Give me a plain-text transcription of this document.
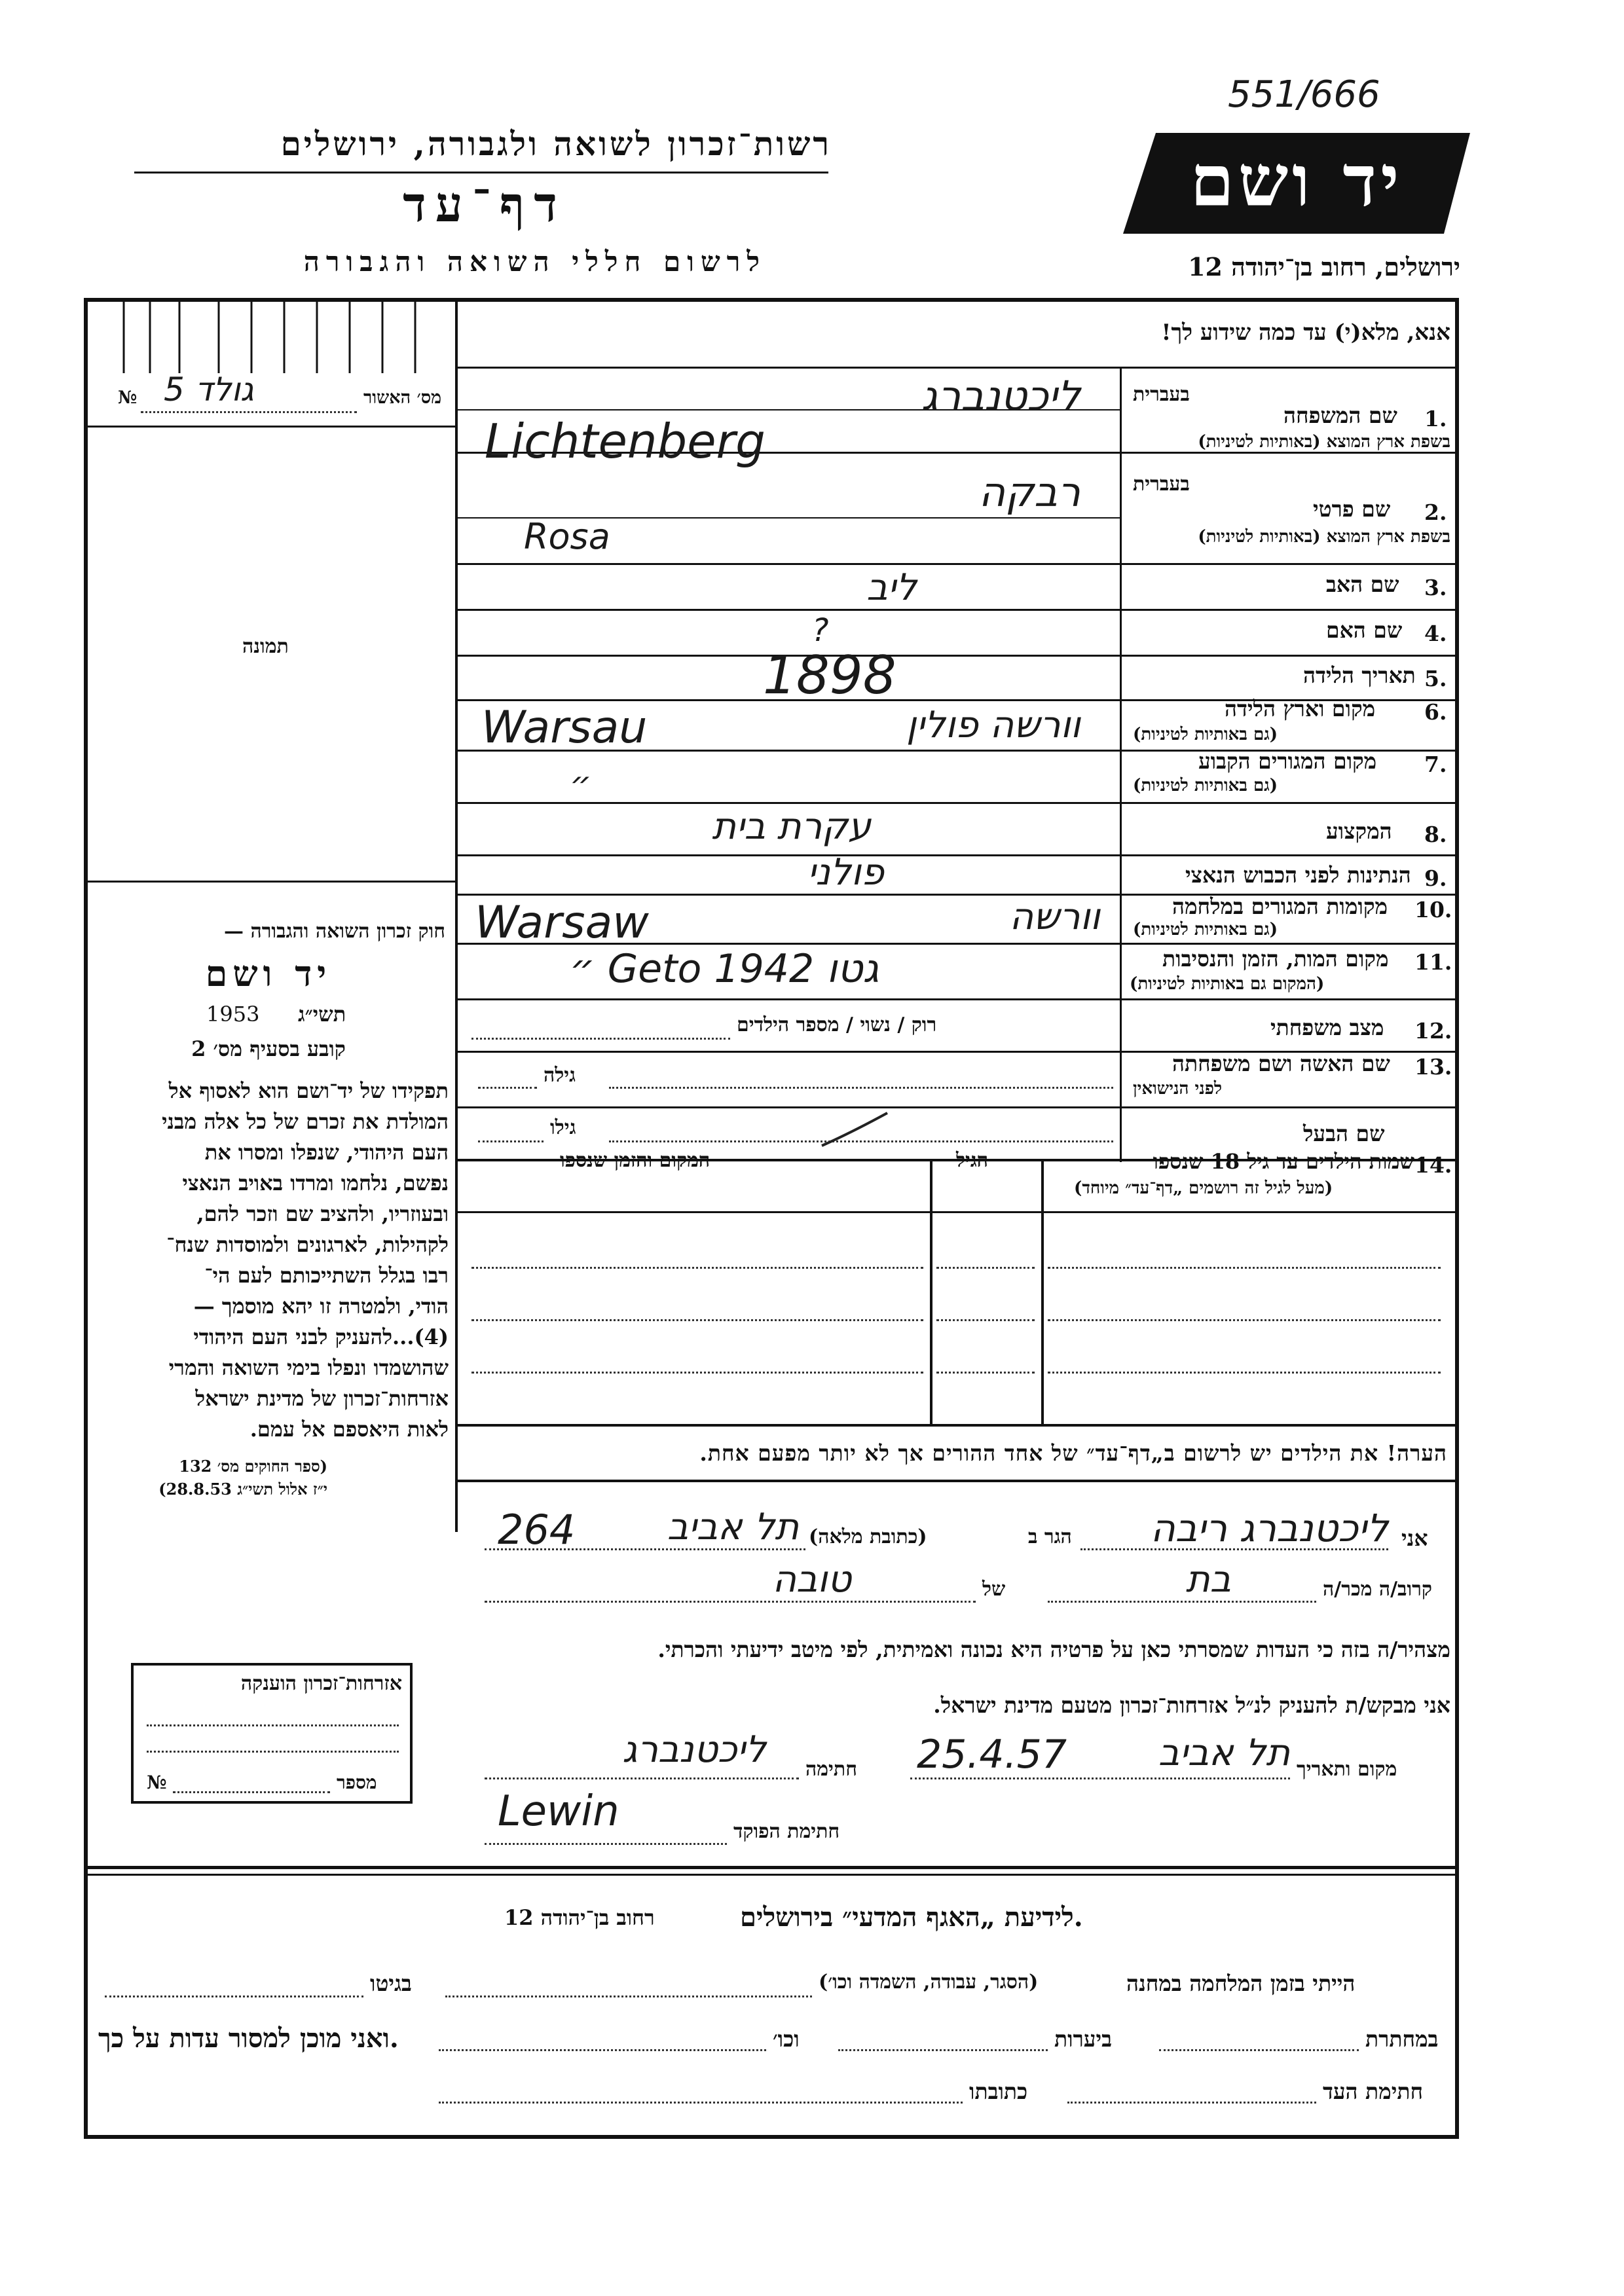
551/666
רשות־זכרון לשואה ולגבורה, ירושלים
דף־עד
לרשום חללי השואה והגבורה
יד ושם
ירושלים, רחוב בן־יהודה 12
מס׳ האשור
№ גולד 5
תמונה
חוק זכרון השואה והגבורה —
יד ושם
תשי״ג
1953
קובע בסעיף מס׳ 2
תפקידו של יד־ושם הוא לאסוף אל
המולדת את זכרם של כל אלה מבני
העם היהודי, שנפלו ומסרו את
נפשם, נלחמו ומרדו באויב הנאצי
ובעוזריו, ולהציב שם וזכר להם,
לקהילות, לארגונים ולמוסדות שנח־
רבו בגלל השתייכותם לעם הי־
הודי, ולמטרה זו יהא מוסמך —
(4)...להעניק לבני העם היהודי
שהושמדו ונפלו בימי השואה והמרי
אזרחות־זכרון של מדינת ישראל
לאות היאספם אל עמם.
(ספר החוקים מס׳ 132
י״ז אלול תשי״ג 28.8.53)
אזרחות־זכרון הוענקה
מספר
№
אנא, מלא(י) עד כמה שידוע לך!
1.
שם המשפחה
בשפת ארץ המוצא (באותיות לטיניות)
בעברית
ליכטנברג
Lichtenberg
2.
שם פרטי
בשפת ארץ המוצא (באותיות לטיניות)
בעברית
רבקה
Rosa
3.
שם האב
ליב
4.
שם האם
?
5.
תאריך הלידה
1898
6.
מקום וארץ הלידה
(גם באותיות לטיניות)
וורשה פולין
Warsau
7.
מקום המגורים הקבוע
(גם באותיות לטיניות)
״
8.
המקצוע
עקרת בית
9.
הנתינות לפני הכבוש הנאצי
פולני
10.
מקומות המגורים במלחמה
(גם באותיות לטיניות)
וורשה
Warsaw
11.
מקום המות, הזמן והנסיבות
(המקום גם באותיות לטיניות)
״ Geto 1942 גטו
12.
מצב משפחתי
רוק / נשוי / מספר הילדים
13.
שם האשה ושם משפחתה
לפני הנישואין
גילה
שם הבעל
גילו
14.
שמות הילדים עד גיל 18 שנספו
(מעל לגיל זה רושמים „דף־עד״ מיוחד)
הגיל
המקום והזמן שנספו
הערה! את הילדים יש לרשום ב„דף־עד״ של אחד ההורים אך לא יותר מפעם אחת.
אני
ליכטנברג ריבה
הגר ב
(כתובת מלאה)
264	תל אביב
קרוב/ה מכר/ה
בת
של
טובה
מצהיר/ה בזה כי העדות שמסרתי כאן על פרטיה היא נכונה ואמיתית, לפי מיטב ידיעתי והכרתי.
אני מבקש/ת להעניק לנ״ל אזרחות־זכרון מטעם מדינת ישראל.
מקום ותאריך
תל אביב
25.4.57
חתימה
ליכטנברג
חתימת הפוקד
Lewin
לידיעת „האגף המדעי״ בירושלים.
רחוב בן־יהודה 12
הייתי בזמן המלחמה במחנה
(הסגר, עבודה, השמדה וכו׳)
בגיטו
במחתרת
ביערות
וכו׳
ואני מוכן למסור עדות על כך.
חתימת העד
כתובתו
